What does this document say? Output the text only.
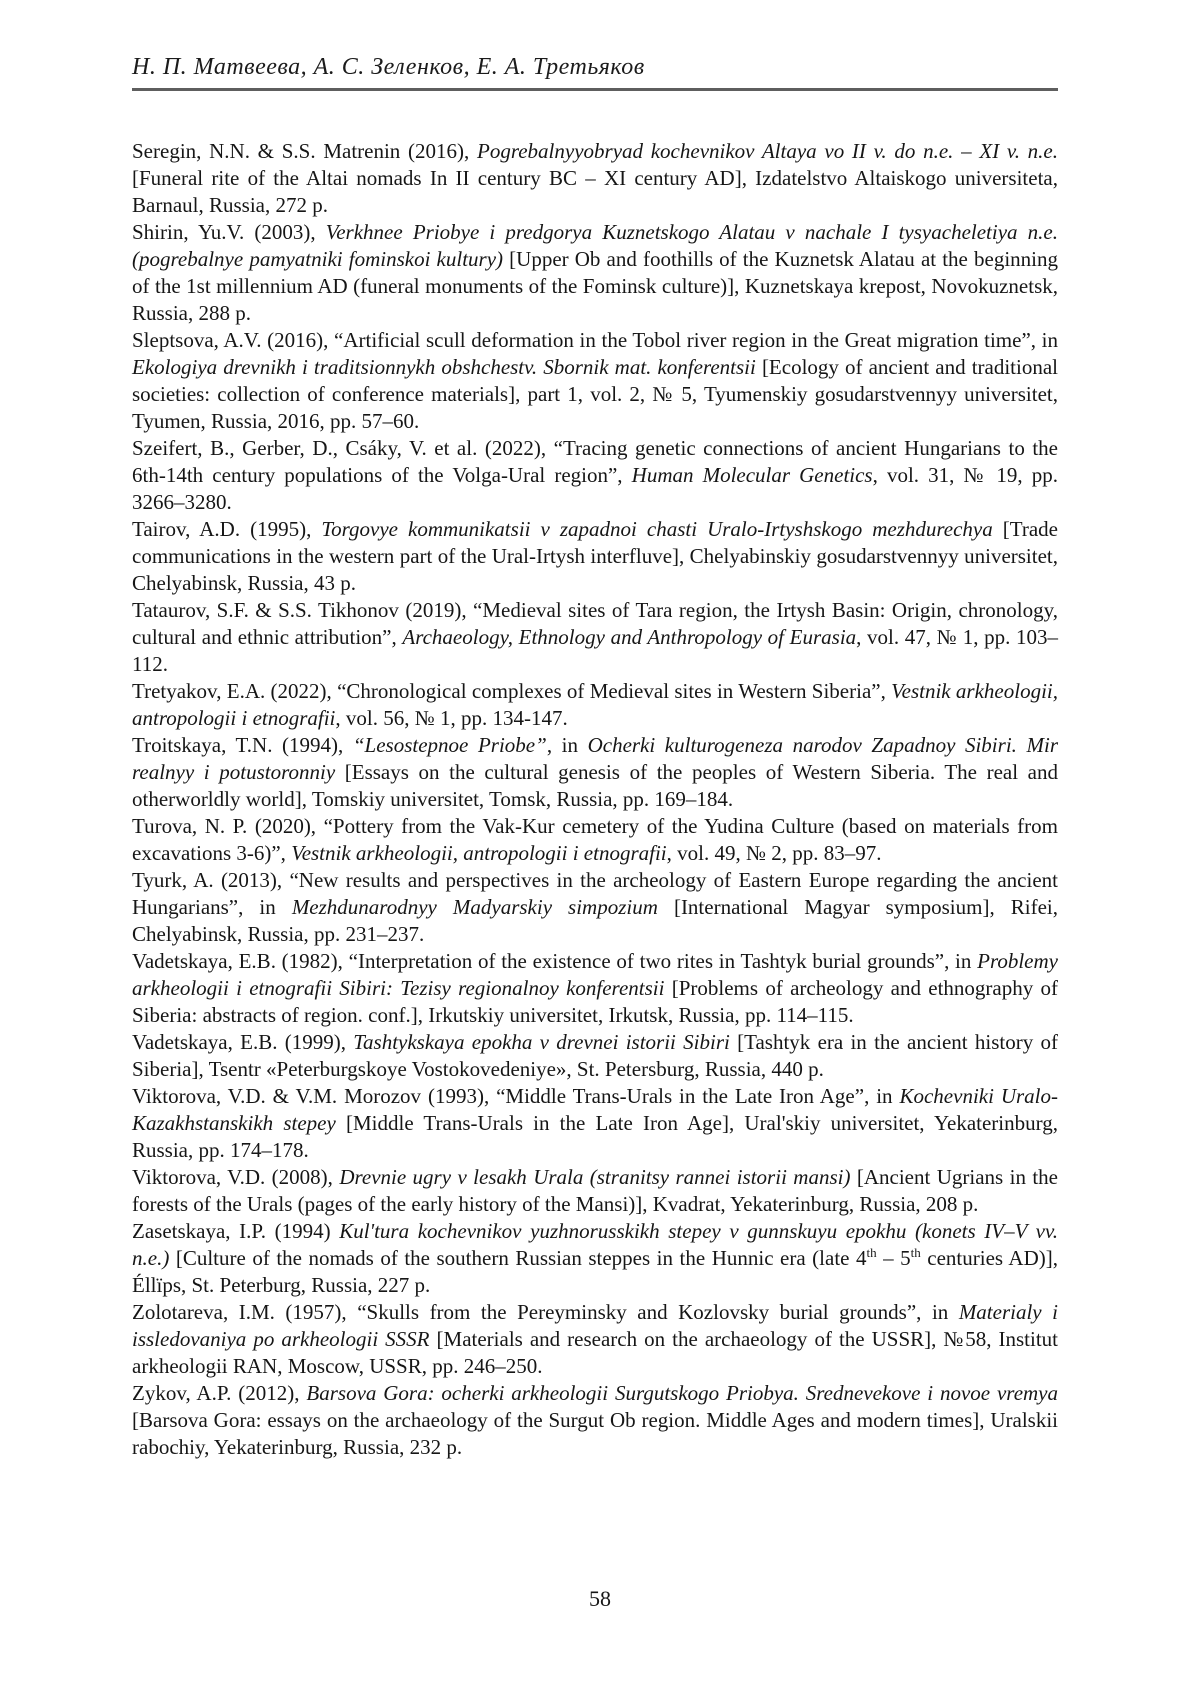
Н. П. Матвеева, А. С. Зеленков, Е. А. Третьяков

Seregin, N.N. & S.S. Matrenin (2016), Pogrebalnyyobryad kochevnikov Altaya vo II v. do n.e. – XI v. n.e. [Funeral rite of the Altai nomads In II century BC – XI century AD], Izdatelstvo Altaiskogo universiteta, Barnaul, Russia, 272 p.

Shirin, Yu.V. (2003), Verkhnee Priobye i predgorya Kuznetskogo Alatau v nachale I tysyacheletiya n.e. (pogrebalnye pamyatniki fominskoi kultury) [Upper Ob and foothills of the Kuznetsk Alatau at the beginning of the 1st millennium AD (funeral monuments of the Fominsk culture)], Kuznetskaya krepost, Novokuznetsk, Russia, 288 p.

Sleptsova, A.V. (2016), “Artificial scull deformation in the Tobol river region in the Great migration time”, in Ekologiya drevnikh i traditsionnykh obshchestv. Sbornik mat. konferentsii [Ecology of ancient and traditional societies: collection of conference materials], part 1, vol. 2, № 5, Tyumenskiy gosudarstvennyy universitet, Tyumen, Russia, 2016, pp. 57–60.

Szeifert, B., Gerber, D., Csáky, V. et al. (2022), “Tracing genetic connections of ancient Hungarians to the 6th-14th century populations of the Volga-Ural region”, Human Molecular Genetics, vol. 31, № 19, pp. 3266–3280.

Tairov, A.D. (1995), Torgovye kommunikatsii v zapadnoi chasti Uralo-Irtyshskogo mezhdurechya [Trade communications in the western part of the Ural-Irtysh interfluve], Chelyabinskiy gosudarstvennyy universitet, Chelyabinsk, Russia, 43 p.

Tataurov, S.F. & S.S. Tikhonov (2019), “Medieval sites of Tara region, the Irtysh Basin: Origin, chronology, cultural and ethnic attribution”, Archaeology, Ethnology and Anthropology of Eurasia, vol. 47, № 1, pp. 103–112.

Tretyakov, E.A. (2022), “Chronological complexes of Medieval sites in Western Siberia”, Vestnik arkheologii, antropologii i etnografii, vol. 56, № 1, pp. 134-147.

Troitskaya, T.N. (1994), “Lesostepnoe Priobe”, in Ocherki kulturogeneza narodov Zapadnoy Sibiri. Mir realnyy i potustoronniy [Essays on the cultural genesis of the peoples of Western Siberia. The real and otherworldly world], Tomskiy universitet, Tomsk, Russia, pp. 169–184.

Turova, N. P. (2020), “Pottery from the Vak-Kur cemetery of the Yudina Culture (based on materials from excavations 3-6)”, Vestnik arkheologii, antropologii i etnografii, vol. 49, № 2, pp. 83–97.

Tyurk, A. (2013), “New results and perspectives in the archeology of Eastern Europe regarding the ancient Hungarians”, in Mezhdunarodnyy Madyarskiy simpozium [International Magyar symposium], Rifei, Chelyabinsk, Russia, pp. 231–237.

Vadetskaya, E.B. (1982), “Interpretation of the existence of two rites in Tashtyk burial grounds”, in Problemy arkheologii i etnografii Sibiri: Tezisy regionalnoy konferentsii [Problems of archeology and ethnography of Siberia: abstracts of region. conf.], Irkutskiy universitet, Irkutsk, Russia, pp. 114–115.

Vadetskaya, E.B. (1999), Tashtykskaya epokha v drevnei istorii Sibiri [Tashtyk era in the ancient history of Siberia], Tsentr «Peterburgskoye Vostokovedeniye», St. Petersburg, Russia, 440 p.

Viktorova, V.D. & V.M. Morozov (1993), “Middle Trans-Urals in the Late Iron Age”, in Kochevniki Uralo-Kazakhstanskikh stepey [Middle Trans-Urals in the Late Iron Age], Ural'skiy universitet, Yekaterinburg, Russia, pp. 174–178.

Viktorova, V.D. (2008), Drevnie ugry v lesakh Urala (stranitsy rannei istorii mansi) [Ancient Ugrians in the forests of the Urals (pages of the early history of the Mansi)], Kvadrat, Yekaterinburg, Russia, 208 p.

Zasetskaya, I.P. (1994) Kul'tura kochevnikov yuzhnorusskikh stepey v gunnskuyu epokhu (konets IV–V vv. n.e.) [Culture of the nomads of the southern Russian steppes in the Hunnic era (late 4th – 5th centuries AD)], Éllïps, St. Peterburg, Russia, 227 p.

Zolotareva, I.M. (1957), “Skulls from the Pereyminsky and Kozlovsky burial grounds”, in Materialy i issledovaniya po arkheologii SSSR [Materials and research on the archaeology of the USSR], №58, Institut arkheologii RAN, Moscow, USSR, pp. 246–250.

Zykov, A.P. (2012), Barsova Gora: ocherki arkheologii Surgutskogo Priobya. Srednevekove i novoe vremya [Barsova Gora: essays on the archaeology of the Surgut Ob region. Middle Ages and modern times], Uralskii rabochiy, Yekaterinburg, Russia, 232 p.

58
